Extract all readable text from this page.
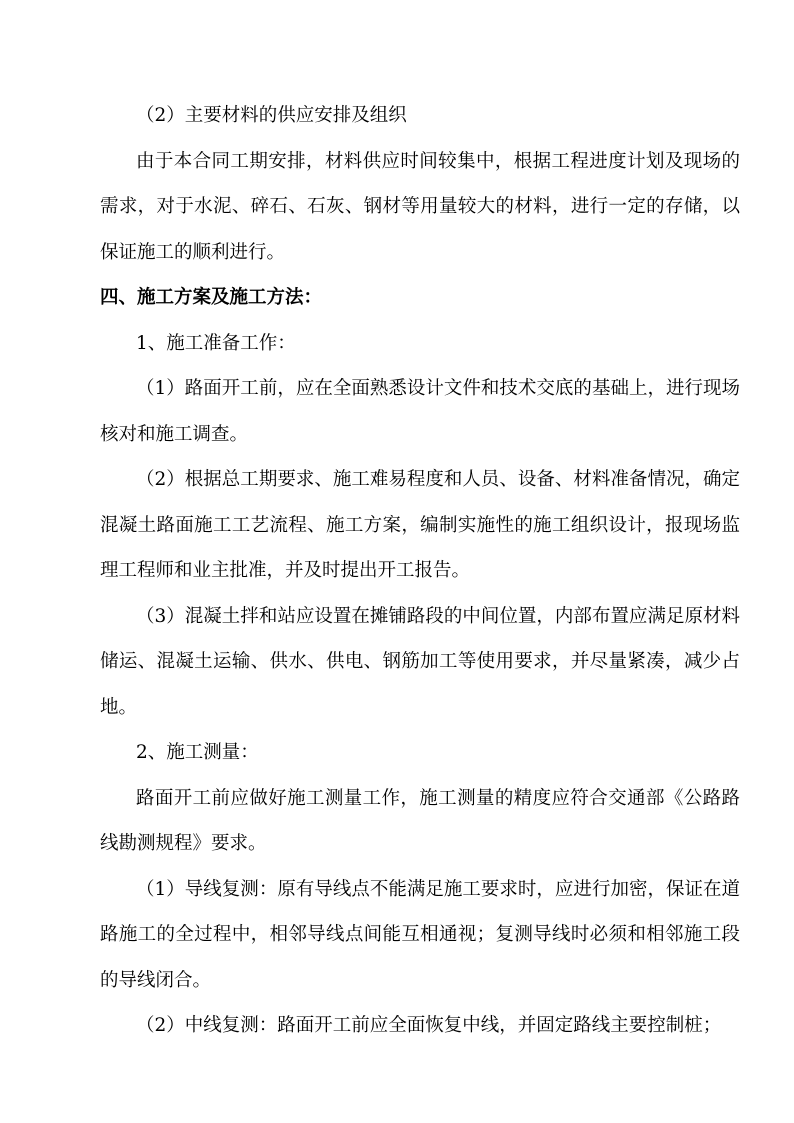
（2）主要材料的供应安排及组织

由于本合同工期安排，材料供应时间较集中，根据工程进度计划及现场的需求，对于水泥、碎石、石灰、钢材等用量较大的材料，进行一定的存储，以保证施工的顺利进行。

四、施工方案及施工方法：

1、施工准备工作：

（1）路面开工前，应在全面熟悉设计文件和技术交底的基础上，进行现场核对和施工调查。

（2）根据总工期要求、施工难易程度和人员、设备、材料准备情况，确定混凝土路面施工工艺流程、施工方案，编制实施性的施工组织设计，报现场监理工程师和业主批准，并及时提出开工报告。

（3）混凝土拌和站应设置在摊铺路段的中间位置，内部布置应满足原材料储运、混凝土运输、供水、供电、钢筋加工等使用要求，并尽量紧凑，减少占地。

2、施工测量：

路面开工前应做好施工测量工作，施工测量的精度应符合交通部《公路路线勘测规程》要求。

（1）导线复测：原有导线点不能满足施工要求时，应进行加密，保证在道路施工的全过程中，相邻导线点间能互相通视；复测导线时必须和相邻施工段的导线闭合。

（2）中线复测：路面开工前应全面恢复中线，并固定路线主要控制桩；
